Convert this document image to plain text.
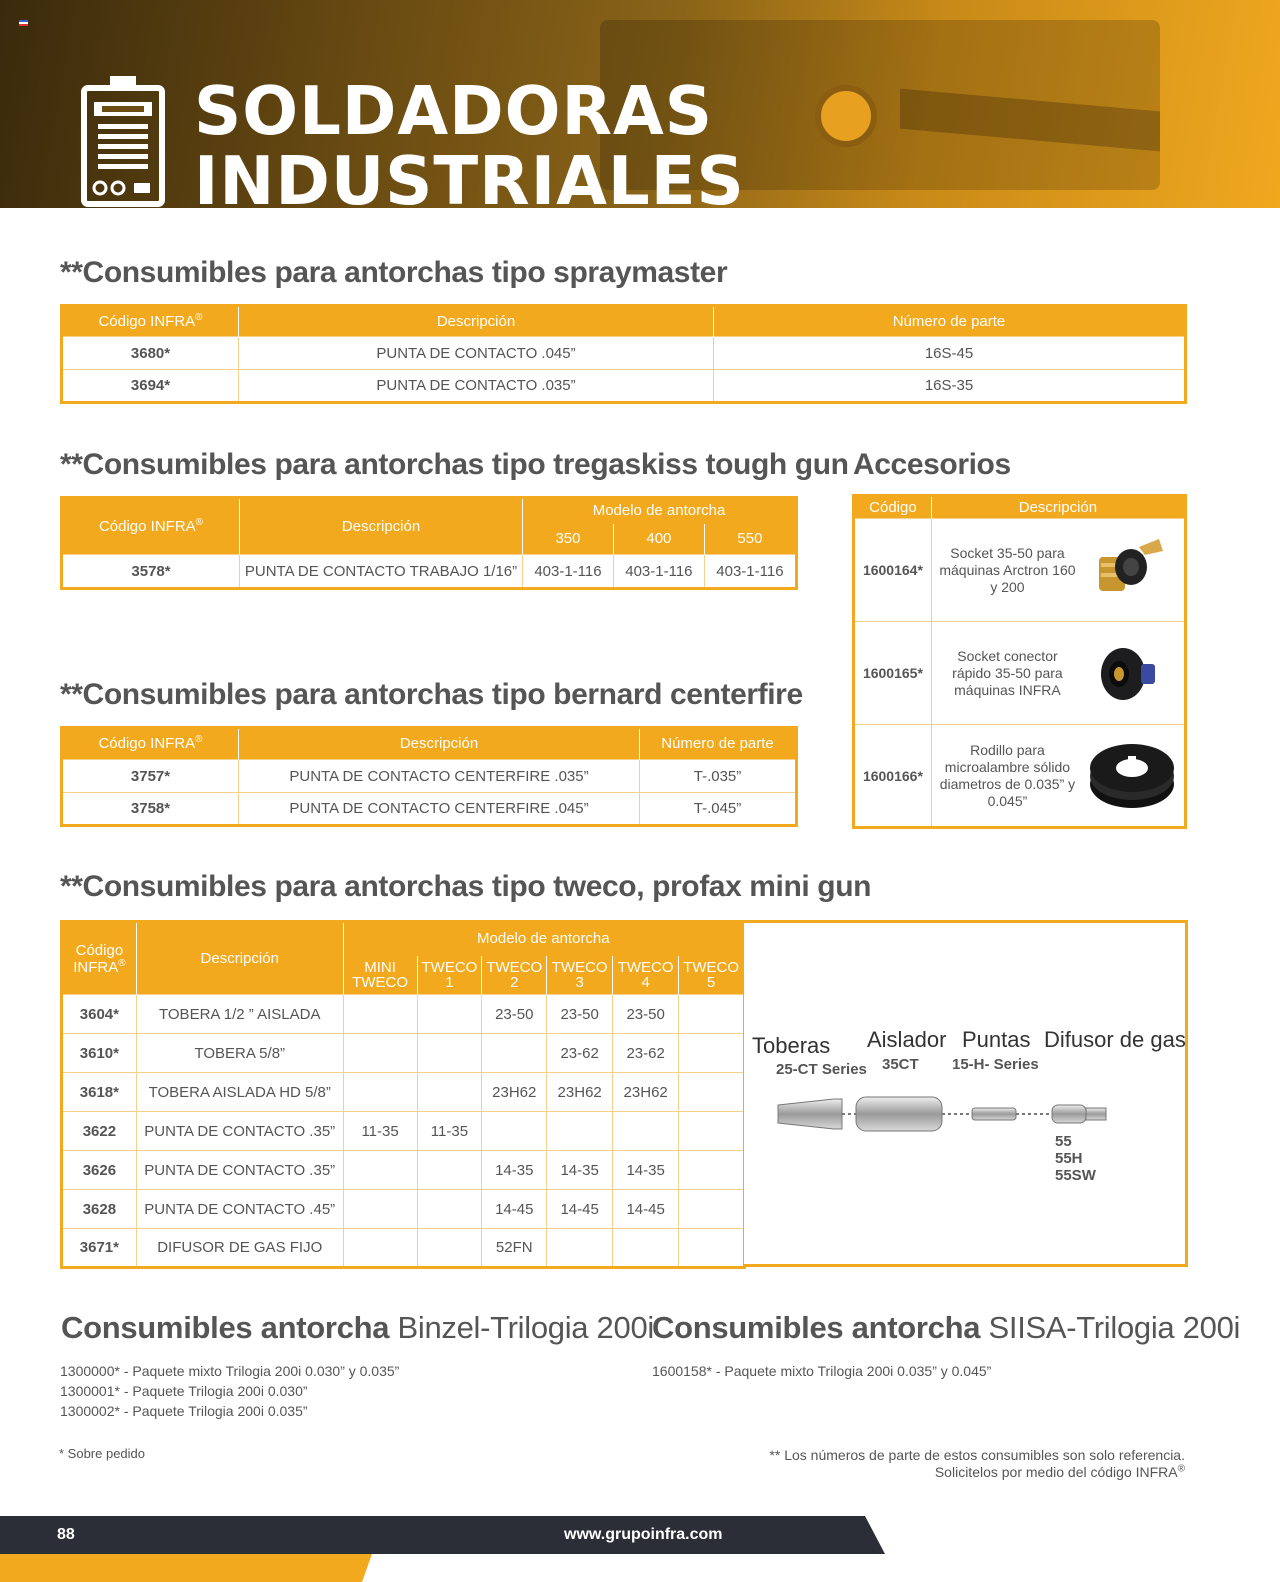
SOLDADORAS
INDUSTRIALES
**Consumibles para antorchas tipo spraymaster
Código INFRA®	Descripción	Número de parte
3680*	PUNTA DE CONTACTO .045”	16S-45
3694*	PUNTA DE CONTACTO .035”	16S-35
**Consumibles para antorchas tipo tregaskiss tough gun
Código INFRA®	Descripción	Modelo de antorcha		
		350	400	550
3578*	PUNTA DE CONTACTO TRABAJO 1/16”	403-1-116	403-1-116	403-1-116
**Consumibles para antorchas tipo bernard centerfire
Código INFRA®	Descripción	Número de parte
3757*	PUNTA DE CONTACTO CENTERFIRE .035”	T-.035”
3758*	PUNTA DE CONTACTO CENTERFIRE .045”	T-.045”
Accesorios
Código	Descripción	
1600164*	Socket 35-50 para máquinas Arctron 160 y 200	

1600165*	Socket conector rápido 35-50 para máquinas INFRA	

1600166*	Rodillo para microalambre sólido diametros de 0.035” y 0.045”	
**Consumibles para antorchas tipo tweco, profax mini gun
Código INFRA®	Descripción	Modelo de antorcha					
		MINI TWECO	TWECO 1	TWECO 2	TWECO 3	TWECO 4	TWECO 5
3604*	TOBERA 1/2 ” AISLADA			23-50	23-50	23-50	
3610*	TOBERA 5/8”				23-62	23-62	
3618*	TOBERA AISLADA HD 5/8”			23H62	23H62	23H62	
3622	PUNTA DE CONTACTO .35”	11-35	11-35				
3626	PUNTA DE CONTACTO .35”			14-35	14-35	14-35	
3628	PUNTA DE CONTACTO .45”			14-45	14-45	14-45	
3671*	DIFUSOR DE GAS FIJO			52FN			
Toberas
25-CT Series
Aislador
35CT
Puntas
15-H- Series
Difusor de gas
55
55H
55SW
Consumibles antorcha Binzel-Trilogia 200i
1300000* - Paquete mixto Trilogia 200i 0.030” y 0.035”
1300001* - Paquete Trilogia 200i 0.030”
1300002* - Paquete Trilogia 200i 0.035”
Consumibles antorcha SIISA-Trilogia 200i
1600158* - Paquete mixto Trilogia 200i 0.035” y 0.045”
* Sobre pedido	** Los números de parte de estos consumibles son solo referencia.
Solicitelos por medio del código INFRA®
88	www.grupoinfra.com
